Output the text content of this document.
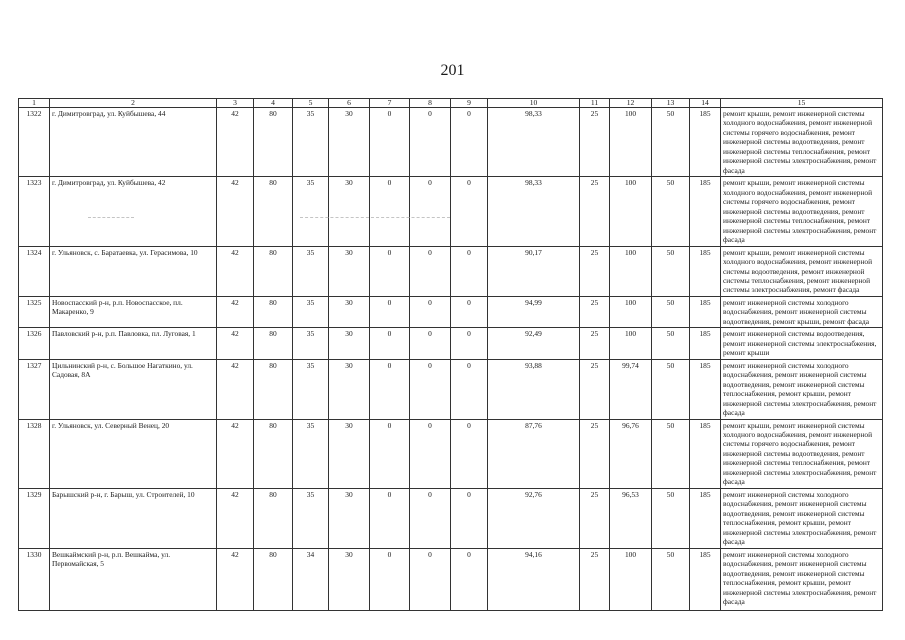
201
1	2	3	4	5	6	7	8	9	10	11	12	13	14	15
1322	г. Димитровград, ул. Куйбышева, 44	42	80	35	30	0	0	0	98,33	25	100	50	185	ремонт крыши, ремонт инженерной системы холодного водоснабжения, ремонт инженерной системы горячего водоснабжения, ремонт инженерной системы водоотведения, ремонт инженерной системы теплоснабжения, ремонт инженерной системы электроснабжения, ремонт фасада
1323	г. Димитровград, ул. Куйбышева, 42	42	80	35	30	0	0	0	98,33	25	100	50	185	ремонт крыши, ремонт инженерной системы холодного водоснабжения, ремонт инженерной системы горячего водоснабжения, ремонт инженерной системы водоотведения, ремонт инженерной системы теплоснабжения, ремонт инженерной системы электроснабжения, ремонт фасада
1324	г. Ульяновск, с. Баратаевка, ул. Герасимова, 10	42	80	35	30	0	0	0	90,17	25	100	50	185	ремонт крыши, ремонт инженерной системы холодного водоснабжения, ремонт инженерной системы водоотведения, ремонт инженерной системы теплоснабжения, ремонт инженерной системы электроснабжения, ремонт фасада
1325	Новоспасский р-н, р.п. Новоспасское, пл. Макаренко, 9	42	80	35	30	0	0	0	94,99	25	100	50	185	ремонт инженерной системы холодного водоснабжения, ремонт инженерной системы водоотведения, ремонт крыши, ремонт фасада
1326	Павловский р-н, р.п. Павловка, пл. Луговая, 1	42	80	35	30	0	0	0	92,49	25	100	50	185	ремонт инженерной системы водоотведения, ремонт инженерной системы электроснабжения, ремонт крыши
1327	Цильнинский р-н, с. Большое Нагаткино, ул. Садовая, 8А	42	80	35	30	0	0	0	93,88	25	99,74	50	185	ремонт инженерной системы холодного водоснабжения, ремонт инженерной системы водоотведения, ремонт инженерной системы теплоснабжения, ремонт крыши, ремонт инженерной системы электроснабжения, ремонт фасада
1328	г. Ульяновск, ул. Северный Венец, 20	42	80	35	30	0	0	0	87,76	25	96,76	50	185	ремонт крыши, ремонт инженерной системы холодного водоснабжения, ремонт инженерной системы горячего водоснабжения, ремонт инженерной системы водоотведения, ремонт инженерной системы теплоснабжения, ремонт инженерной системы электроснабжения, ремонт фасада
1329	Барышский р-н, г. Барыш, ул. Строителей, 10	42	80	35	30	0	0	0	92,76	25	96,53	50	185	ремонт инженерной системы холодного водоснабжения, ремонт инженерной системы водоотведения, ремонт инженерной системы теплоснабжения, ремонт крыши, ремонт инженерной системы электроснабжения, ремонт фасада
1330	Вешкаймский р-н, р.п. Вешкайма, ул. Первомайская, 5	42	80	34	30	0	0	0	94,16	25	100	50	185	ремонт инженерной системы холодного водоснабжения, ремонт инженерной системы водоотведения, ремонт инженерной системы теплоснабжения, ремонт крыши, ремонт инженерной системы электроснабжения, ремонт фасада
